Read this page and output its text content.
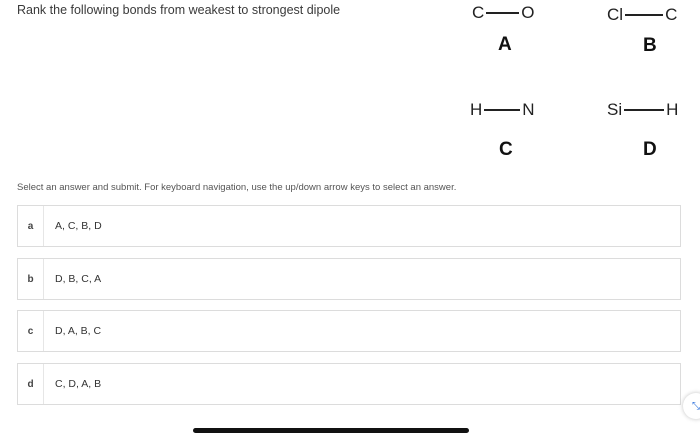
Rank the following bonds from weakest to strongest dipole	C O
A
Cl C
B
H N
C
Si	H
D
Select an answer and submit. For keyboard navigation, use the up/down arrow keys to select an answer.
a	A, C, B, D
b	D, B, C, A
c	D, A, B, C
d	C, D, A, B
⤡
